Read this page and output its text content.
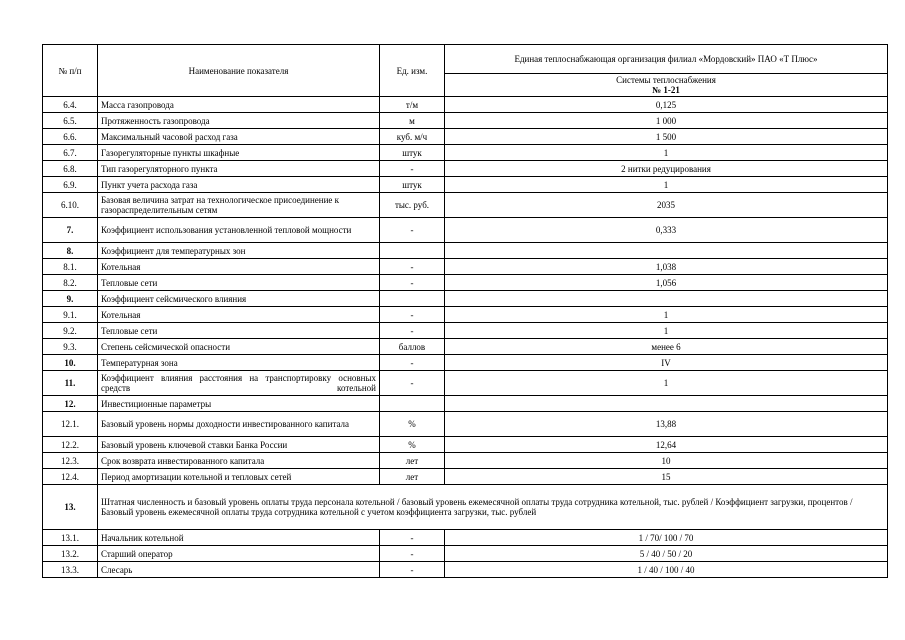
№ п/п	Наименование показателя	Ед. изм.	Единая теплоснабжающая организация филиал «Мордовский» ПАО «Т Плюс»
			Системы теплоснабжения
№ 1-21

6.4.	Масса газопровода	т/м	0,125
6.5.	Протяженность газопровода	м	1 000
6.6.	Максимальный часовой расход газа	куб. м/ч	1 500
6.7.	Газорегуляторные пункты шкафные	штук	1
6.8.	Тип газорегуляторного пункта	-	2 нитки редуцирования
6.9.	Пункт учета расхода газа	штук	1
6.10.	Базовая величина затрат на технологическое присоединение к газораспределительным сетям	тыс. руб.	2035
7.	Коэффициент использования установленной тепловой мощности	-	0,333
8.	Коэффициент для температурных зон		
8.1.	Котельная	-	1,038
8.2.	Тепловые сети	-	1,056
9.	Коэффициент сейсмического влияния		
9.1.	Котельная	-	1
9.2.	Тепловые сети	-	1
9.3.	Степень сейсмической опасности	баллов	менее 6
10.	Температурная зона	-	IV
11.	Коэффициент влияния расстояния на транспортировку основных средств котельной	-	1
12.	Инвестиционные параметры		
12.1.	Базовый уровень нормы доходности инвестированного капитала	%	13,88
12.2.	Базовый уровень ключевой ставки Банка России	%	12,64
12.3.	Срок возврата инвестированного капитала	лет	10
12.4.	Период амортизации котельной и тепловых сетей	лет	15
13.	Штатная численность и базовый уровень оплаты труда персонала котельной / базовый уровень ежемесячной оплаты труда сотрудника котельной, тыс. рублей / Коэффициент загрузки, процентов / Базовый уровень ежемесячной оплаты труда сотрудника котельной с учетом коэффициента загрузки, тыс. рублей		
13.1.	Начальник котельной	-	1 / 70/ 100 / 70
13.2.	Старший оператор	-	5 / 40 / 50 / 20
13.3.	Слесарь	-	1 / 40 / 100 / 40
